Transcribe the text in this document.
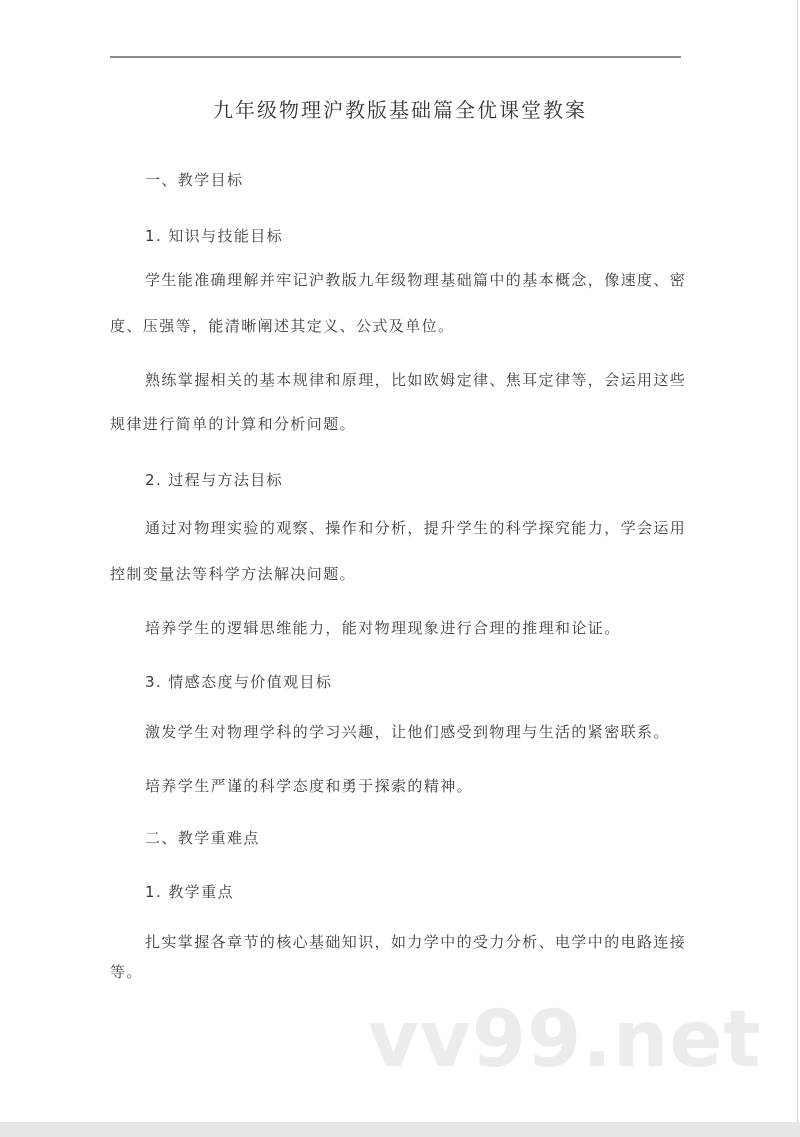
九年级物理沪教版基础篇全优课堂教案
一、教学目标
1. 知识与技能目标
学生能准确理解并牢记沪教版九年级物理基础篇中的基本概念，像速度、密
度、压强等，能清晰阐述其定义、公式及单位。
熟练掌握相关的基本规律和原理，比如欧姆定律、焦耳定律等，会运用这些
规律进行简单的计算和分析问题。
2. 过程与方法目标
通过对物理实验的观察、操作和分析，提升学生的科学探究能力，学会运用
控制变量法等科学方法解决问题。
培养学生的逻辑思维能力，能对物理现象进行合理的推理和论证。
3. 情感态度与价值观目标
激发学生对物理学科的学习兴趣，让他们感受到物理与生活的紧密联系。
培养学生严谨的科学态度和勇于探索的精神。
二、教学重难点
1. 教学重点
扎实掌握各章节的核心基础知识，如力学中的受力分析、电学中的电路连接
等。
vv99.net
